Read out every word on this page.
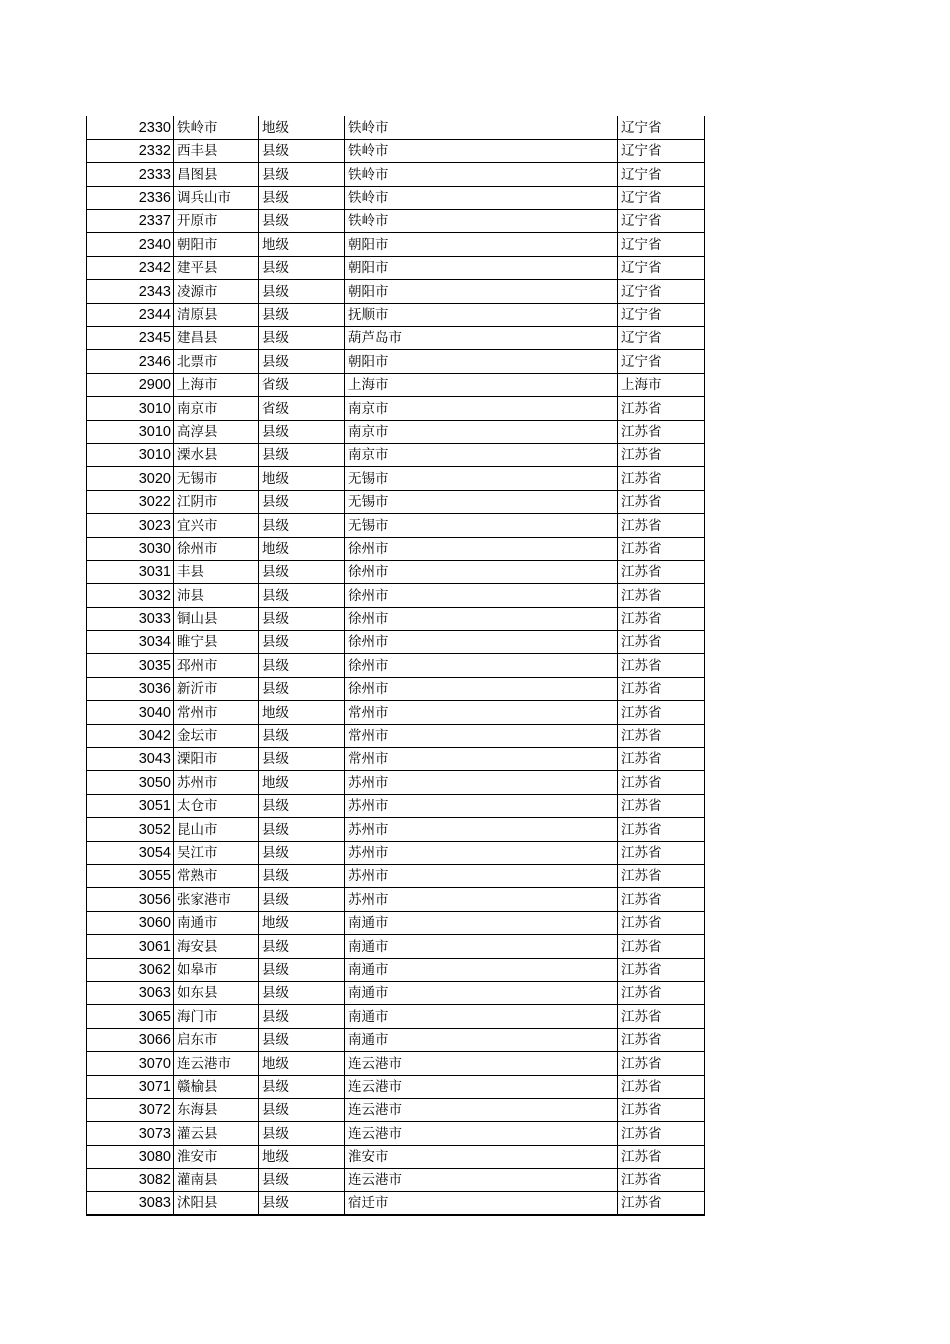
2330	铁岭市	地级	铁岭市	辽宁省
2332	西丰县	县级	铁岭市	辽宁省
2333	昌图县	县级	铁岭市	辽宁省
2336	调兵山市	县级	铁岭市	辽宁省
2337	开原市	县级	铁岭市	辽宁省
2340	朝阳市	地级	朝阳市	辽宁省
2342	建平县	县级	朝阳市	辽宁省
2343	凌源市	县级	朝阳市	辽宁省
2344	清原县	县级	抚顺市	辽宁省
2345	建昌县	县级	葫芦岛市	辽宁省
2346	北票市	县级	朝阳市	辽宁省
2900	上海市	省级	上海市	上海市
3010	南京市	省级	南京市	江苏省
3010	高淳县	县级	南京市	江苏省
3010	溧水县	县级	南京市	江苏省
3020	无锡市	地级	无锡市	江苏省
3022	江阴市	县级	无锡市	江苏省
3023	宜兴市	县级	无锡市	江苏省
3030	徐州市	地级	徐州市	江苏省
3031	丰县	县级	徐州市	江苏省
3032	沛县	县级	徐州市	江苏省
3033	铜山县	县级	徐州市	江苏省
3034	睢宁县	县级	徐州市	江苏省
3035	邳州市	县级	徐州市	江苏省
3036	新沂市	县级	徐州市	江苏省
3040	常州市	地级	常州市	江苏省
3042	金坛市	县级	常州市	江苏省
3043	溧阳市	县级	常州市	江苏省
3050	苏州市	地级	苏州市	江苏省
3051	太仓市	县级	苏州市	江苏省
3052	昆山市	县级	苏州市	江苏省
3054	吴江市	县级	苏州市	江苏省
3055	常熟市	县级	苏州市	江苏省
3056	张家港市	县级	苏州市	江苏省
3060	南通市	地级	南通市	江苏省
3061	海安县	县级	南通市	江苏省
3062	如皋市	县级	南通市	江苏省
3063	如东县	县级	南通市	江苏省
3065	海门市	县级	南通市	江苏省
3066	启东市	县级	南通市	江苏省
3070	连云港市	地级	连云港市	江苏省
3071	赣榆县	县级	连云港市	江苏省
3072	东海县	县级	连云港市	江苏省
3073	灌云县	县级	连云港市	江苏省
3080	淮安市	地级	淮安市	江苏省
3082	灌南县	县级	连云港市	江苏省
3083	沭阳县	县级	宿迁市	江苏省
